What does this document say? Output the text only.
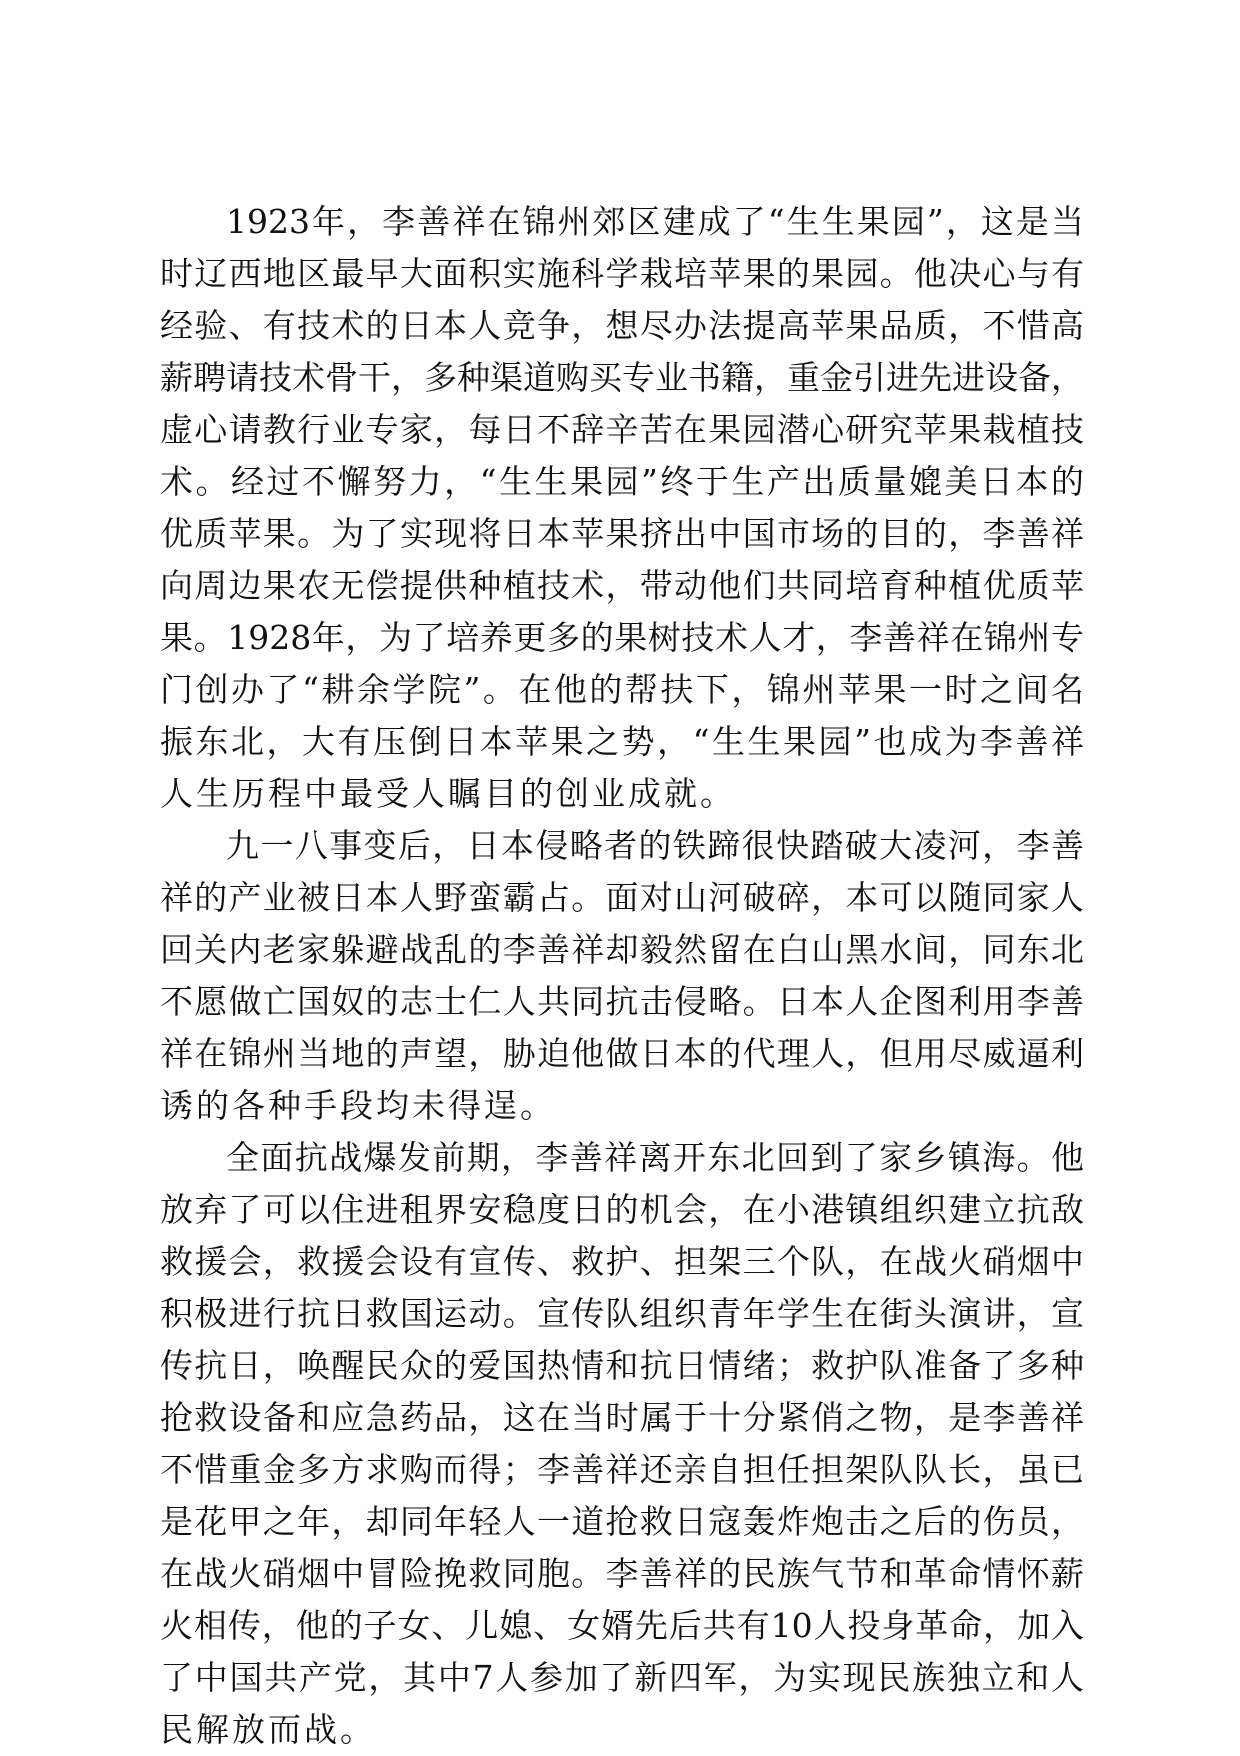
1923年，李善祥在锦州郊区建成了“生生果园”，这是当
时辽西地区最早大面积实施科学栽培苹果的果园。他决心与有
经验、有技术的日本人竞争，想尽办法提高苹果品质，不惜高
薪聘请技术骨干，多种渠道购买专业书籍，重金引进先进设备，
虚心请教行业专家，每日不辞辛苦在果园潜心研究苹果栽植技
术。经过不懈努力，“生生果园”终于生产出质量媲美日本的
优质苹果。为了实现将日本苹果挤出中国市场的目的，李善祥
向周边果农无偿提供种植技术，带动他们共同培育种植优质苹
果。1928年，为了培养更多的果树技术人才，李善祥在锦州专
门创办了“耕余学院”。在他的帮扶下，锦州苹果一时之间名
振东北，大有压倒日本苹果之势，“生生果园”也成为李善祥
人生历程中最受人瞩目的创业成就。
九一八事变后，日本侵略者的铁蹄很快踏破大凌河，李善
祥的产业被日本人野蛮霸占。面对山河破碎，本可以随同家人
回关内老家躲避战乱的李善祥却毅然留在白山黑水间，同东北
不愿做亡国奴的志士仁人共同抗击侵略。日本人企图利用李善
祥在锦州当地的声望，胁迫他做日本的代理人，但用尽威逼利
诱的各种手段均未得逞。
全面抗战爆发前期，李善祥离开东北回到了家乡镇海。他
放弃了可以住进租界安稳度日的机会，在小港镇组织建立抗敌
救援会，救援会设有宣传、救护、担架三个队，在战火硝烟中
积极进行抗日救国运动。宣传队组织青年学生在街头演讲，宣
传抗日，唤醒民众的爱国热情和抗日情绪；救护队准备了多种
抢救设备和应急药品，这在当时属于十分紧俏之物，是李善祥
不惜重金多方求购而得；李善祥还亲自担任担架队队长，虽已
是花甲之年，却同年轻人一道抢救日寇轰炸炮击之后的伤员，
在战火硝烟中冒险挽救同胞。李善祥的民族气节和革命情怀薪
火相传，他的子女、儿媳、女婿先后共有10人投身革命，加入
了中国共产党，其中7人参加了新四军，为实现民族独立和人
民解放而战。
